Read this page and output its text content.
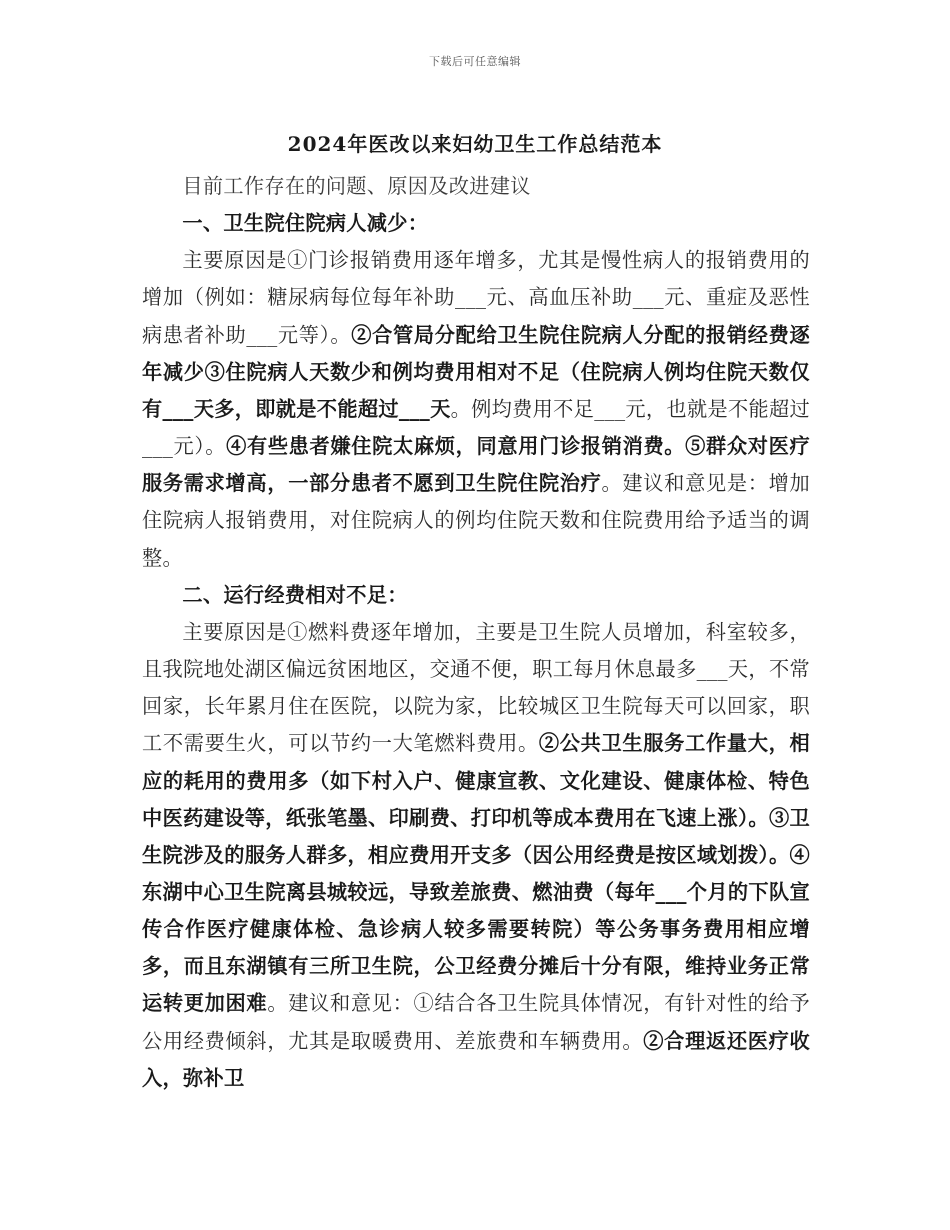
下载后可任意编辑
2024年医改以来妇幼卫生工作总结范本

目前工作存在的问题、原因及改进建议

一、卫生院住院病人减少：

主要原因是①门诊报销费用逐年增多，尤其是慢性病人的报销费用的增加（例如：糖尿病每位每年补助___元、高血压补助___元、重症及恶性病患者补助___元等）。②合管局分配给卫生院住院病人分配的报销经费逐年减少③住院病人天数少和例均费用相对不足（住院病人例均住院天数仅有___天多，即就是不能超过___天。例均费用不足___元，也就是不能超过___元）。④有些患者嫌住院太麻烦，同意用门诊报销消费。⑤群众对医疗服务需求增高，一部分患者不愿到卫生院住院治疗。建议和意见是：增加住院病人报销费用，对住院病人的例均住院天数和住院费用给予适当的调整。

二、运行经费相对不足：

主要原因是①燃料费逐年增加，主要是卫生院人员增加，科室较多，且我院地处湖区偏远贫困地区，交通不便，职工每月休息最多___天，不常回家，长年累月住在医院，以院为家，比较城区卫生院每天可以回家，职工不需要生火，可以节约一大笔燃料费用。②公共卫生服务工作量大，相应的耗用的费用多（如下村入户、健康宣教、文化建设、健康体检、特色中医药建设等，纸张笔墨、印刷费、打印机等成本费用在飞速上涨）。③卫生院涉及的服务人群多，相应费用开支多（因公用经费是按区域划拨）。④东湖中心卫生院离县城较远，导致差旅费、燃油费（每年___个月的下队宣传合作医疗健康体检、急诊病人较多需要转院）等公务事务费用相应增多，而且东湖镇有三所卫生院，公卫经费分摊后十分有限，维持业务正常运转更加困难。建议和意见：①结合各卫生院具体情况，有针对性的给予公用经费倾斜，尤其是取暖费用、差旅费和车辆费用。②合理返还医疗收入，弥补卫
